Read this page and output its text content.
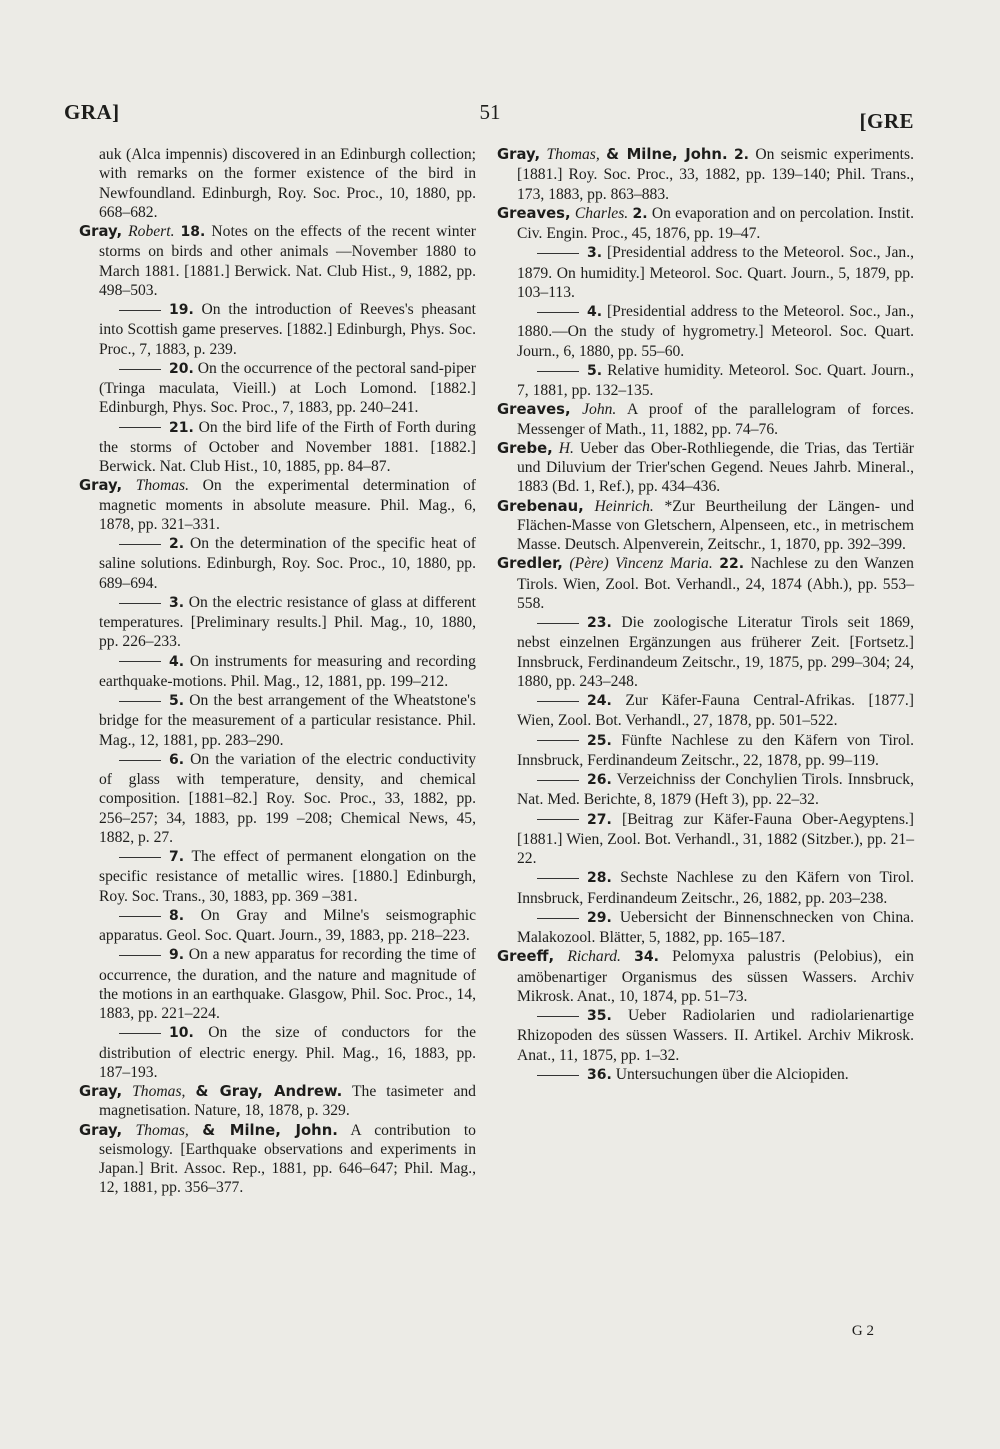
GRA]	51	[GRE

auk (Alca impennis) discovered in an Edinburgh collection; with remarks on the former existence of the bird in Newfoundland. Edinburgh, Roy. Soc. Proc., 10, 1880, pp. 668–682.

Gray, Robert. 18. Notes on the effects of the recent winter storms on birds and other animals —November 1880 to March 1881. [1881.] Berwick. Nat. Club Hist., 9, 1882, pp. 498–503.

19. On the introduction of Reeves's pheasant into Scottish game preserves. [1882.] Edinburgh, Phys. Soc. Proc., 7, 1883, p. 239.

20. On the occurrence of the pectoral sand-piper (Tringa maculata, Vieill.) at Loch Lomond. [1882.] Edinburgh, Phys. Soc. Proc., 7, 1883, pp. 240–241.

21. On the bird life of the Firth of Forth during the storms of October and November 1881. [1882.] Berwick. Nat. Club Hist., 10, 1885, pp. 84–87.

Gray, Thomas. On the experimental determination of magnetic moments in absolute measure. Phil. Mag., 6, 1878, pp. 321–331.

2. On the determination of the specific heat of saline solutions. Edinburgh, Roy. Soc. Proc., 10, 1880, pp. 689–694.

3. On the electric resistance of glass at different temperatures. [Preliminary results.] Phil. Mag., 10, 1880, pp. 226–233.

4. On instruments for measuring and recording earthquake-motions. Phil. Mag., 12, 1881, pp. 199–212.

5. On the best arrangement of the Wheatstone's bridge for the measurement of a particular resistance. Phil. Mag., 12, 1881, pp. 283–290.

6. On the variation of the electric conductivity of glass with temperature, density, and chemical composition. [1881–82.] Roy. Soc. Proc., 33, 1882, pp. 256–257; 34, 1883, pp. 199 –208; Chemical News, 45, 1882, p. 27.

7. The effect of permanent elongation on the specific resistance of metallic wires. [1880.] Edinburgh, Roy. Soc. Trans., 30, 1883, pp. 369 –381.

8. On Gray and Milne's seismographic apparatus. Geol. Soc. Quart. Journ., 39, 1883, pp. 218–223.

9. On a new apparatus for recording the time of occurrence, the duration, and the nature and magnitude of the motions in an earthquake. Glasgow, Phil. Soc. Proc., 14, 1883, pp. 221–224.

10. On the size of conductors for the distribution of electric energy. Phil. Mag., 16, 1883, pp. 187–193.

Gray, Thomas, & Gray, Andrew. The tasimeter and magnetisation. Nature, 18, 1878, p. 329.

Gray, Thomas, & Milne, John. A contribution to seismology. [Earthquake observations and experiments in Japan.] Brit. Assoc. Rep., 1881, pp. 646–647; Phil. Mag., 12, 1881, pp. 356–377.

Gray, Thomas, & Milne, John. 2. On seismic experiments. [1881.] Roy. Soc. Proc., 33, 1882, pp. 139–140; Phil. Trans., 173, 1883, pp. 863–883.

Greaves, Charles. 2. On evaporation and on percolation. Instit. Civ. Engin. Proc., 45, 1876, pp. 19–47.

3. [Presidential address to the Meteorol. Soc., Jan., 1879. On humidity.] Meteorol. Soc. Quart. Journ., 5, 1879, pp. 103–113.

4. [Presidential address to the Meteorol. Soc., Jan., 1880.—On the study of hygrometry.] Meteorol. Soc. Quart. Journ., 6, 1880, pp. 55–60.

5. Relative humidity. Meteorol. Soc. Quart. Journ., 7, 1881, pp. 132–135.

Greaves, John. A proof of the parallelogram of forces. Messenger of Math., 11, 1882, pp. 74–76.

Grebe, H. Ueber das Ober-Rothliegende, die Trias, das Tertiär und Diluvium der Trier'schen Gegend. Neues Jahrb. Mineral., 1883 (Bd. 1, Ref.), pp. 434–436.

Grebenau, Heinrich. *Zur Beurtheilung der Längen- und Flächen-Masse von Gletschern, Alpenseen, etc., in metrischem Masse. Deutsch. Alpenverein, Zeitschr., 1, 1870, pp. 392–399.

Gredler, (Père) Vincenz Maria. 22. Nachlese zu den Wanzen Tirols. Wien, Zool. Bot. Verhandl., 24, 1874 (Abh.), pp. 553–558.

23. Die zoologische Literatur Tirols seit 1869, nebst einzelnen Ergänzungen aus früherer Zeit. [Fortsetz.] Innsbruck, Ferdinandeum Zeitschr., 19, 1875, pp. 299–304; 24, 1880, pp. 243–248.

24. Zur Käfer-Fauna Central-Afrikas. [1877.] Wien, Zool. Bot. Verhandl., 27, 1878, pp. 501–522.

25. Fünfte Nachlese zu den Käfern von Tirol. Innsbruck, Ferdinandeum Zeitschr., 22, 1878, pp. 99–119.

26. Verzeichniss der Conchylien Tirols. Innsbruck, Nat. Med. Berichte, 8, 1879 (Heft 3), pp. 22–32.

27. [Beitrag zur Käfer-Fauna Ober-Aegyptens.] [1881.] Wien, Zool. Bot. Verhandl., 31, 1882 (Sitzber.), pp. 21–22.

28. Sechste Nachlese zu den Käfern von Tirol. Innsbruck, Ferdinandeum Zeitschr., 26, 1882, pp. 203–238.

29. Uebersicht der Binnenschnecken von China. Malakozool. Blätter, 5, 1882, pp. 165–187.

Greeff, Richard. 34. Pelomyxa palustris (Pelobius), ein amöbenartiger Organismus des süssen Wassers. Archiv Mikrosk. Anat., 10, 1874, pp. 51–73.

35. Ueber Radiolarien und radiolarienartige Rhizopoden des süssen Wassers. II. Artikel. Archiv Mikrosk. Anat., 11, 1875, pp. 1–32.

36. Untersuchungen über die Alciopiden.

G 2
